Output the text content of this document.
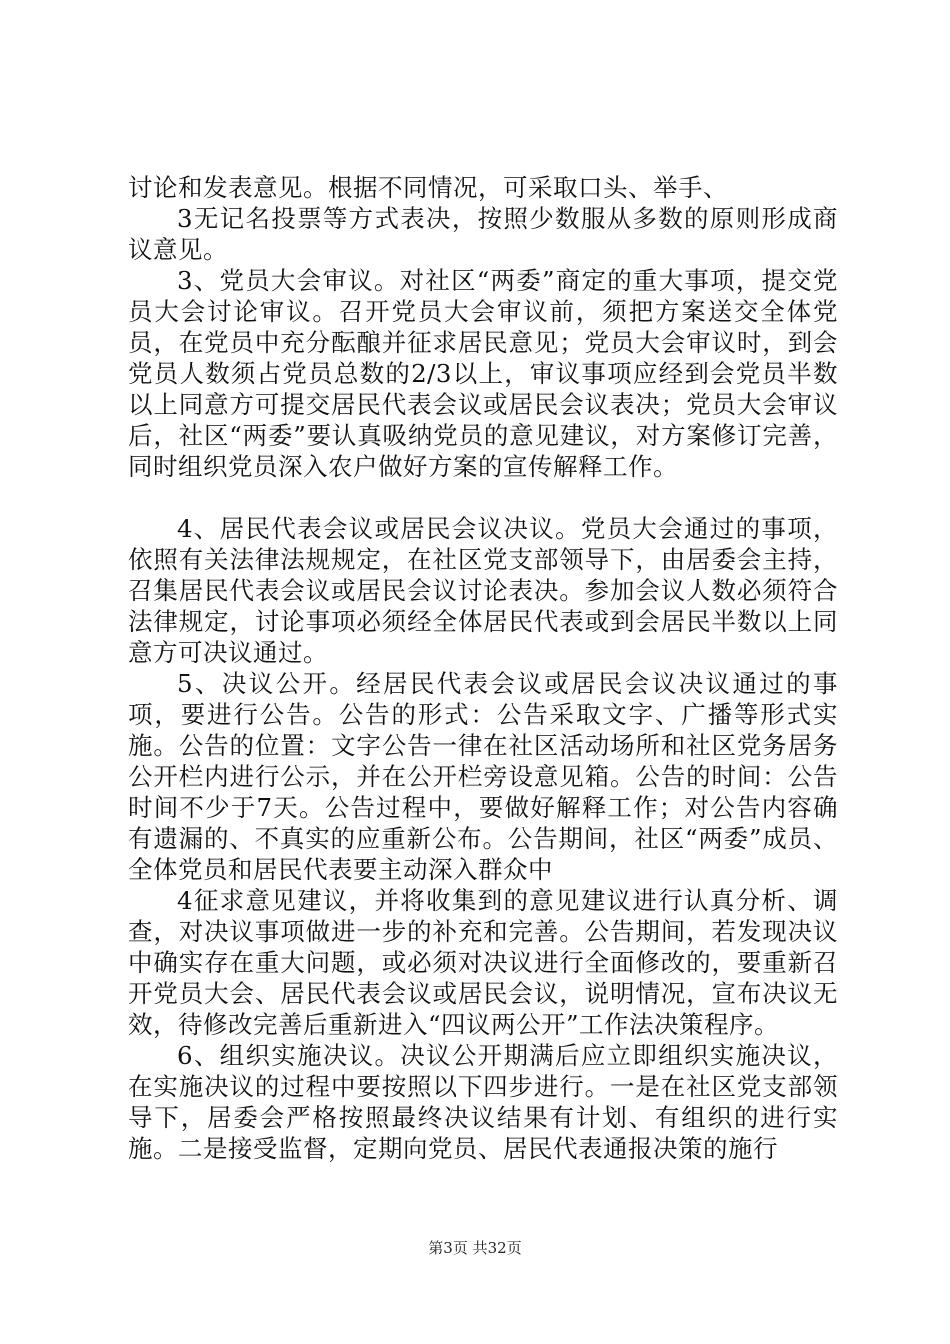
讨论和发表意见。根据不同情况，可采取口头、举手、

3无记名投票等方式表决，按照少数服从多数的原则形成商议意见。

3、党员大会审议。对社区“两委”商定的重大事项，提交党员大会讨论审议。召开党员大会审议前，须把方案送交全体党员，在党员中充分酝酿并征求居民意见；党员大会审议时，到会党员人数须占党员总数的2/3以上，审议事项应经到会党员半数以上同意方可提交居民代表会议或居民会议表决；党员大会审议后，社区“两委”要认真吸纳党员的意见建议，对方案修订完善，同时组织党员深入农户做好方案的宣传解释工作。

4、居民代表会议或居民会议决议。党员大会通过的事项，依照有关法律法规规定，在社区党支部领导下，由居委会主持，召集居民代表会议或居民会议讨论表决。参加会议人数必须符合法律规定，讨论事项必须经全体居民代表或到会居民半数以上同意方可决议通过。

5、决议公开。经居民代表会议或居民会议决议通过的事项，要进行公告。公告的形式：公告采取文字、广播等形式实施。公告的位置：文字公告一律在社区活动场所和社区党务居务公开栏内进行公示，并在公开栏旁设意见箱。公告的时间：公告时间不少于7天。公告过程中，要做好解释工作；对公告内容确有遗漏的、不真实的应重新公布。公告期间，社区“两委”成员、全体党员和居民代表要主动深入群众中

4征求意见建议，并将收集到的意见建议进行认真分析、调查，对决议事项做进一步的补充和完善。公告期间，若发现决议中确实存在重大问题，或必须对决议进行全面修改的，要重新召开党员大会、居民代表会议或居民会议，说明情况，宣布决议无效，待修改完善后重新进入“四议两公开”工作法决策程序。

6、组织实施决议。决议公开期满后应立即组织实施决议，在实施决议的过程中要按照以下四步进行。一是在社区党支部领导下，居委会严格按照最终决议结果有计划、有组织的进行实施。二是接受监督，定期向党员、居民代表通报决策的施行

第3页 共32页
